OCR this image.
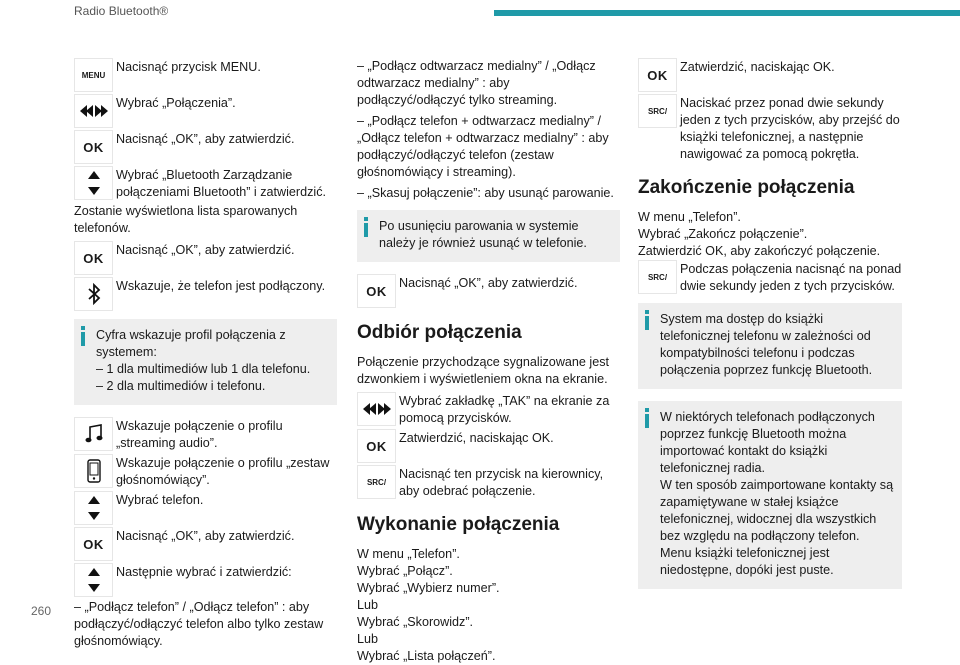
Radio Bluetooth®
MENU
Nacisnąć przycisk MENU.
Wybrać „Połączenia”.
OK
Nacisnąć „OK”, aby zatwierdzić.
Wybrać „Bluetooth Zarządzanie połączeniami Bluetooth” i zatwierdzić.
Zostanie wyświetlona lista sparowanych telefonów.
OK
Nacisnąć „OK”, aby zatwierdzić.
Wskazuje, że telefon jest podłączony.
Cyfra wskazuje profil połączenia z systemem:
– 1 dla multimediów lub 1 dla telefonu.
– 2 dla multimediów i telefonu.
Wskazuje połączenie o profilu „streaming audio”.
Wskazuje połączenie o profilu „zestaw głośnomówiący”.
Wybrać telefon.
OK
Nacisnąć „OK”, aby zatwierdzić.
Następnie wybrać i zatwierdzić:
– „Podłącz telefon” / „Odłącz telefon” : aby podłączyć/odłączyć telefon albo tylko zestaw głośnomówiący.
– „Podłącz odtwarzacz medialny” / „Odłącz odtwarzacz medialny” : aby podłączyć/odłączyć tylko streaming.
– „Podłącz telefon + odtwarzacz medialny” / „Odłącz telefon + odtwarzacz medialny” : aby podłączyć/odłączyć telefon (zestaw głośnomówiący i streaming).
– „Skasuj połączenie”: aby usunąć parowanie.
Po usunięciu parowania w systemie należy je również usunąć w telefonie.
OK
Nacisnąć „OK”, aby zatwierdzić.
Odbiór połączenia
Połączenie przychodzące sygnalizowane jest dzwonkiem i wyświetleniem okna na ekranie.
Wybrać zakładkę „TAK” na ekranie za pomocą przycisków.
OK
Zatwierdzić, naciskając OK.
SRC /
Nacisnąć ten przycisk na kierownicy, aby odebrać połączenie.
Wykonanie połączenia
W menu „Telefon”.
Wybrać „Połącz”.
Wybrać „Wybierz numer”.
Lub
Wybrać „Skorowidz”.
Lub
Wybrać „Lista połączeń”.
OK
Zatwierdzić, naciskając OK.
SRC /
Naciskać przez ponad dwie sekundy jeden z tych przycisków, aby przejść do książki telefonicznej, a następnie nawigować za pomocą pokrętła.
Zakończenie połączenia
W menu „Telefon”.
Wybrać „Zakończ połączenie”.
Zatwierdzić OK, aby zakończyć połączenie.
SRC /
Podczas połączenia nacisnąć na ponad dwie sekundy jeden z tych przycisków.
System ma dostęp do książki telefonicznej telefonu w zależności od kompatybilności telefonu i podczas połączenia poprzez funkcję Bluetooth.
W niektórych telefonach podłączonych poprzez funkcję Bluetooth można importować kontakt do książki telefonicznej radia.
W ten sposób zaimportowane kontakty są zapamiętywane w stałej książce telefonicznej, widocznej dla wszystkich bez względu na podłączony telefon.
Menu książki telefonicznej jest niedostępne, dopóki jest puste.
260
